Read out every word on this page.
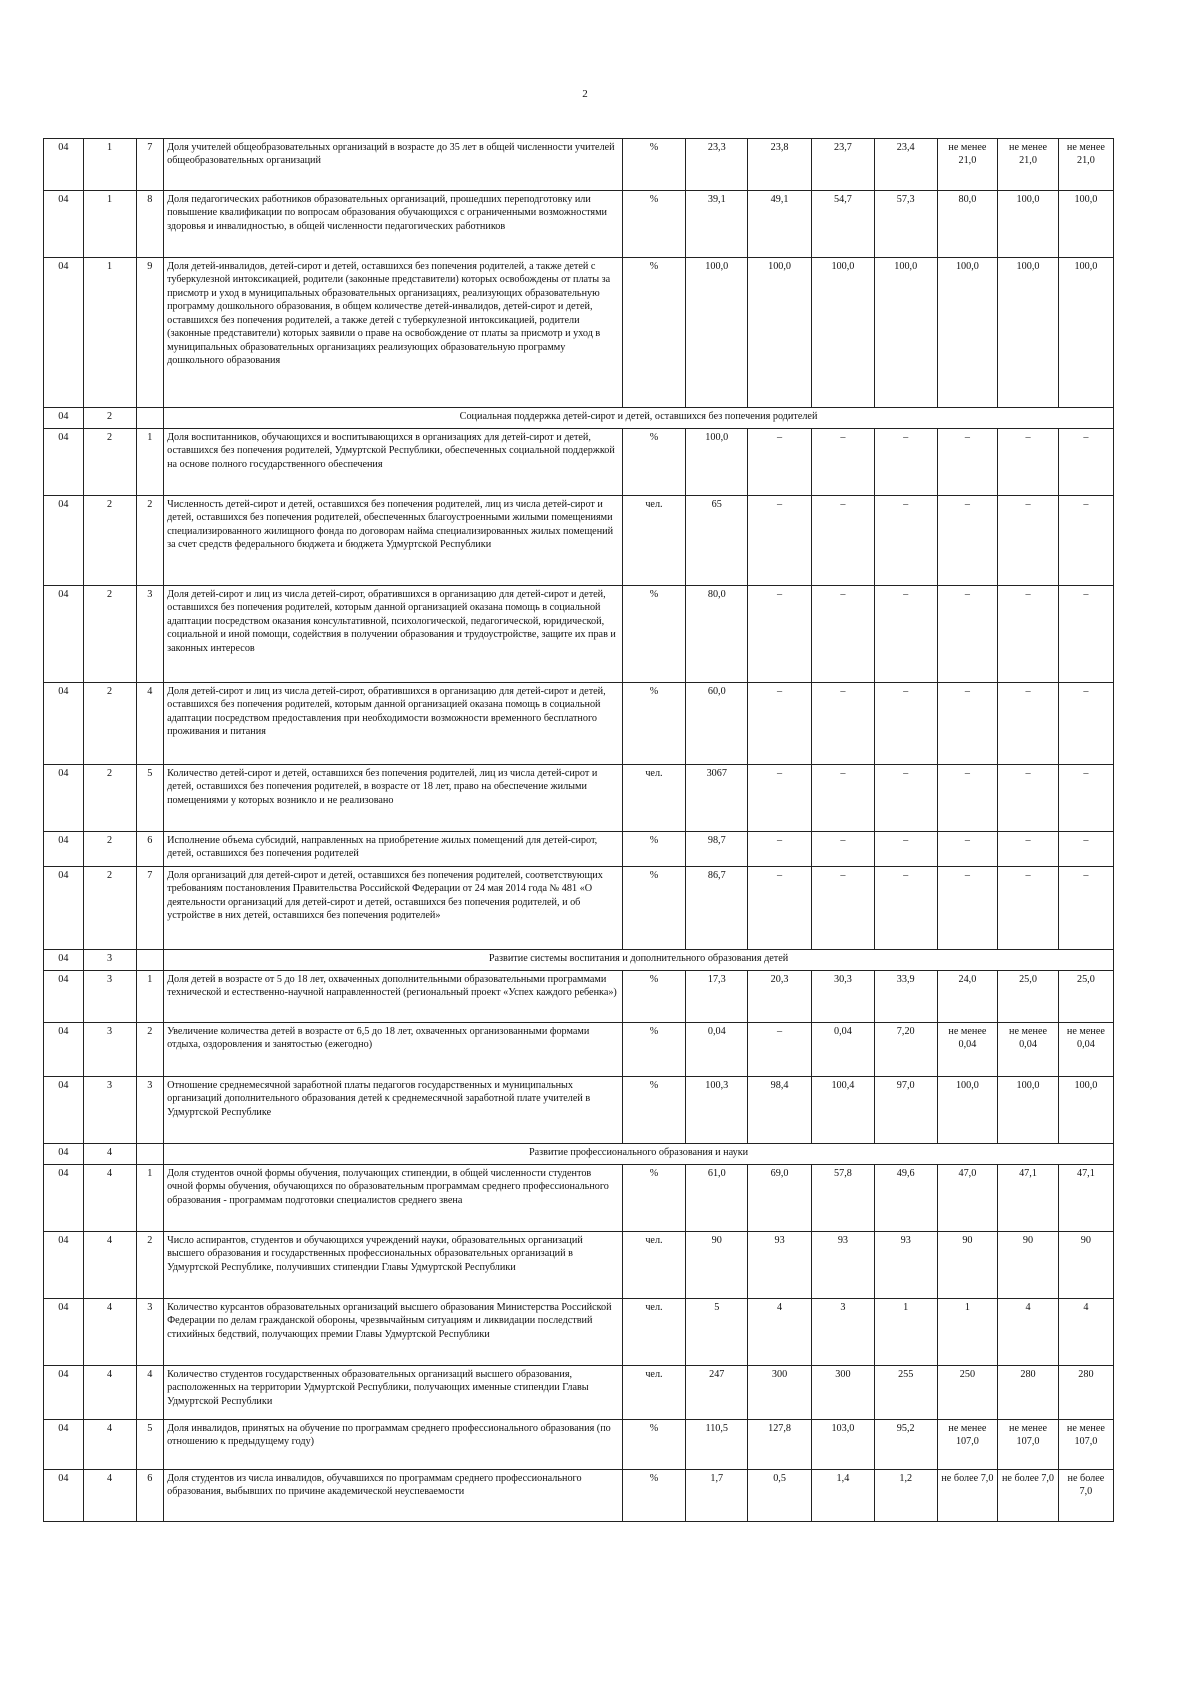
2
04	1	7	Доля учителей общеобразовательных организаций в возрасте до 35 лет в общей численности учителей общеобразовательных организаций	%	23,3	23,8	23,7	23,4	не менее 21,0	не менее 21,0	не менее 21,0
04	1	8	Доля педагогических работников образовательных организаций, прошедших переподготовку или повышение квалификации по вопросам образования обучающихся с ограниченными возможностями здоровья и инвалидностью, в общей численности педагогических работников	%	39,1	49,1	54,7	57,3	80,0	100,0	100,0
04	1	9	Доля детей-инвалидов, детей-сирот и детей, оставшихся без попечения родителей, а также детей с туберкулезной интоксикацией, родители (законные представители) которых освобождены от платы за присмотр и уход в муниципальных образовательных организациях, реализующих образовательную программу дошкольного образования, в общем количестве детей-инвалидов, детей-сирот и детей, оставшихся без попечения родителей, а также детей с туберкулезной интоксикацией, родители (законные представители) которых заявили о праве на освобождение от платы за присмотр и уход в муниципальных образовательных организациях реализующих образовательную программу дошкольного образования	%	100,0	100,0	100,0	100,0	100,0	100,0	100,0
04	2		Социальная поддержка детей-сирот и детей, оставшихся без попечения родителей								
04	2	1	Доля воспитанников, обучающихся и воспитывающихся в организациях для детей-сирот и детей, оставшихся без попечения родителей, Удмуртской Республики, обеспеченных социальной поддержкой на основе полного государственного обеспечения	%	100,0	–	–	–	–	–	–
04	2	2	Численность детей-сирот и детей, оставшихся без попечения родителей, лиц из числа детей-сирот и детей, оставшихся без попечения родителей, обеспеченных благоустроенными жилыми помещениями специализированного жилищного фонда по договорам найма специализированных жилых помещений за счет средств федерального бюджета и бюджета Удмуртской Республики	чел.	65	–	–	–	–	–	–
04	2	3	Доля детей-сирот и лиц из числа детей-сирот, обратившихся в организацию для детей-сирот и детей, оставшихся без попечения родителей, которым данной организацией оказана помощь в социальной адаптации посредством оказания консультативной, психологической, педагогической, юридической, социальной и иной помощи, содействия в получении образования и трудоустройстве, защите их прав и законных интересов	%	80,0	–	–	–	–	–	–
04	2	4	Доля детей-сирот и лиц из числа детей-сирот, обратившихся в организацию для детей-сирот и детей, оставшихся без попечения родителей, которым данной организацией оказана помощь в социальной адаптации посредством предоставления при необходимости возможности временного бесплатного проживания и питания	%	60,0	–	–	–	–	–	–
04	2	5	Количество детей-сирот и детей, оставшихся без попечения родителей, лиц из числа детей-сирот и детей, оставшихся без попечения родителей, в возрасте от 18 лет, право на обеспечение жилыми помещениями у которых возникло и не реализовано	чел.	3067	–	–	–	–	–	–
04	2	6	Исполнение объема субсидий, направленных на приобретение жилых помещений для детей-сирот, детей, оставшихся без попечения родителей	%	98,7	–	–	–	–	–	–
04	2	7	Доля организаций для детей-сирот и детей, оставшихся без попечения родителей, соответствующих требованиям постановления Правительства Российской Федерации от 24 мая 2014 года № 481 «О деятельности организаций для детей-сирот и детей, оставшихся без попечения родителей, и об устройстве в них детей, оставшихся без попечения родителей»	%	86,7	–	–	–	–	–	–
04	3		Развитие системы воспитания и дополнительного образования детей								
04	3	1	Доля детей в возрасте от 5 до 18 лет, охваченных дополнительными образовательными программами технической и естественно-научной направленностей (региональный проект «Успех каждого ребенка»)	%	17,3	20,3	30,3	33,9	24,0	25,0	25,0
04	3	2	Увеличение количества детей в возрасте от 6,5 до 18 лет, охваченных организованными формами отдыха, оздоровления и занятостью (ежегодно)	%	0,04	–	0,04	7,20	не менее 0,04	не менее 0,04	не менее 0,04
04	3	3	Отношение среднемесячной заработной платы педагогов государственных и муниципальных организаций дополнительного образования детей к среднемесячной заработной плате учителей в Удмуртской Республике	%	100,3	98,4	100,4	97,0	100,0	100,0	100,0
04	4		Развитие профессионального образования и науки								
04	4	1	Доля студентов очной формы обучения, получающих стипендии, в общей численности студентов очной формы обучения, обучающихся по образовательным программам среднего профессионального образования - программам подготовки специалистов среднего звена	%	61,0	69,0	57,8	49,6	47,0	47,1	47,1
04	4	2	Число аспирантов, студентов и обучающихся учреждений науки, образовательных организаций высшего образования и государственных профессиональных образовательных организаций в Удмуртской Республике, получивших стипендии Главы Удмуртской Республики	чел.	90	93	93	93	90	90	90
04	4	3	Количество курсантов образовательных организаций высшего образования Министерства Российской Федерации по делам гражданской обороны, чрезвычайным ситуациям и ликвидации последствий стихийных бедствий, получающих премии Главы Удмуртской Республики	чел.	5	4	3	1	1	4	4
04	4	4	Количество студентов государственных образовательных организаций высшего образования, расположенных на территории Удмуртской Республики, получающих именные стипендии Главы Удмуртской Республики	чел.	247	300	300	255	250	280	280
04	4	5	Доля инвалидов, принятых на обучение по программам среднего профессионального образования (по отношению к предыдущему году)	%	110,5	127,8	103,0	95,2	не менее 107,0	не менее 107,0	не менее 107,0
04	4	6	Доля студентов из числа инвалидов, обучавшихся по программам среднего профессионального образования, выбывших по причине академической неуспеваемости	%	1,7	0,5	1,4	1,2	не более 7,0	не более 7,0	не более 7,0
